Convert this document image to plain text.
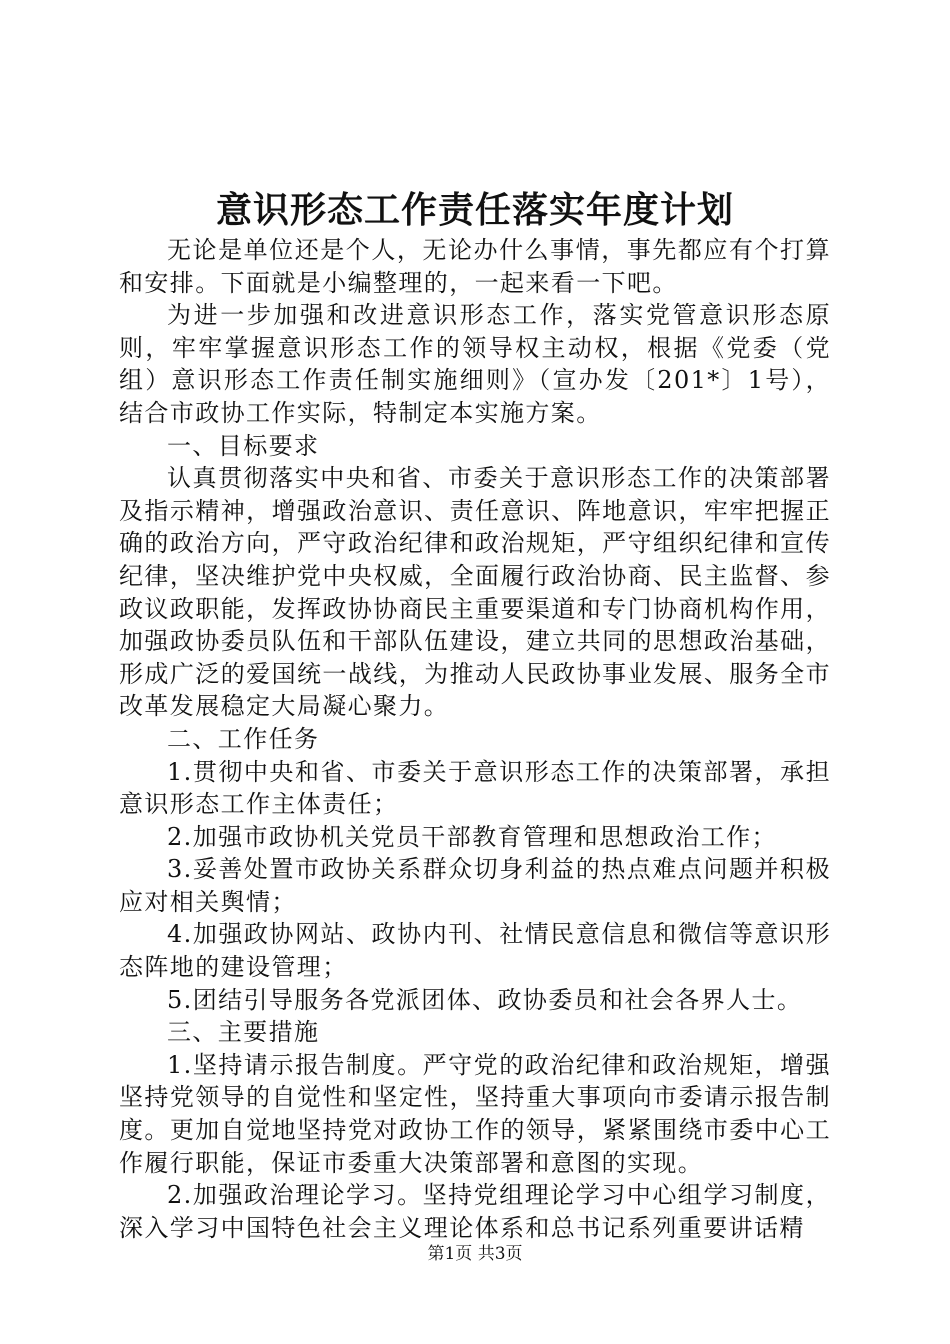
意识形态工作责任落实年度计划

无论是单位还是个人，无论办什么事情，事先都应有个打算和安排。下面就是小编整理的，一起来看一下吧。

为进一步加强和改进意识形态工作，落实党管意识形态原则，牢牢掌握意识形态工作的领导权主动权，根据《党委（党组）意识形态工作责任制实施细则》（宣办发〔201*〕1号），结合市政协工作实际，特制定本实施方案。

一、目标要求

认真贯彻落实中央和省、市委关于意识形态工作的决策部署及指示精神，增强政治意识、责任意识、阵地意识，牢牢把握正确的政治方向，严守政治纪律和政治规矩，严守组织纪律和宣传纪律，坚决维护党中央权威，全面履行政治协商、民主监督、参政议政职能，发挥政协协商民主重要渠道和专门协商机构作用，加强政协委员队伍和干部队伍建设，建立共同的思想政治基础，形成广泛的爱国统一战线，为推动人民政协事业发展、服务全市改革发展稳定大局凝心聚力。

二、工作任务

1.贯彻中央和省、市委关于意识形态工作的决策部署，承担意识形态工作主体责任；

2.加强市政协机关党员干部教育管理和思想政治工作；

3.妥善处置市政协关系群众切身利益的热点难点问题并积极应对相关舆情；

4.加强政协网站、政协内刊、社情民意信息和微信等意识形态阵地的建设管理；

5.团结引导服务各党派团体、政协委员和社会各界人士。

三、主要措施

1.坚持请示报告制度。严守党的政治纪律和政治规矩，增强坚持党领导的自觉性和坚定性，坚持重大事项向市委请示报告制度。更加自觉地坚持党对政协工作的领导，紧紧围绕市委中心工作履行职能，保证市委重大决策部署和意图的实现。

2.加强政治理论学习。坚持党组理论学习中心组学习制度，深入学习中国特色社会主义理论体系和总书记系列重要讲话精

第1页 共3页
